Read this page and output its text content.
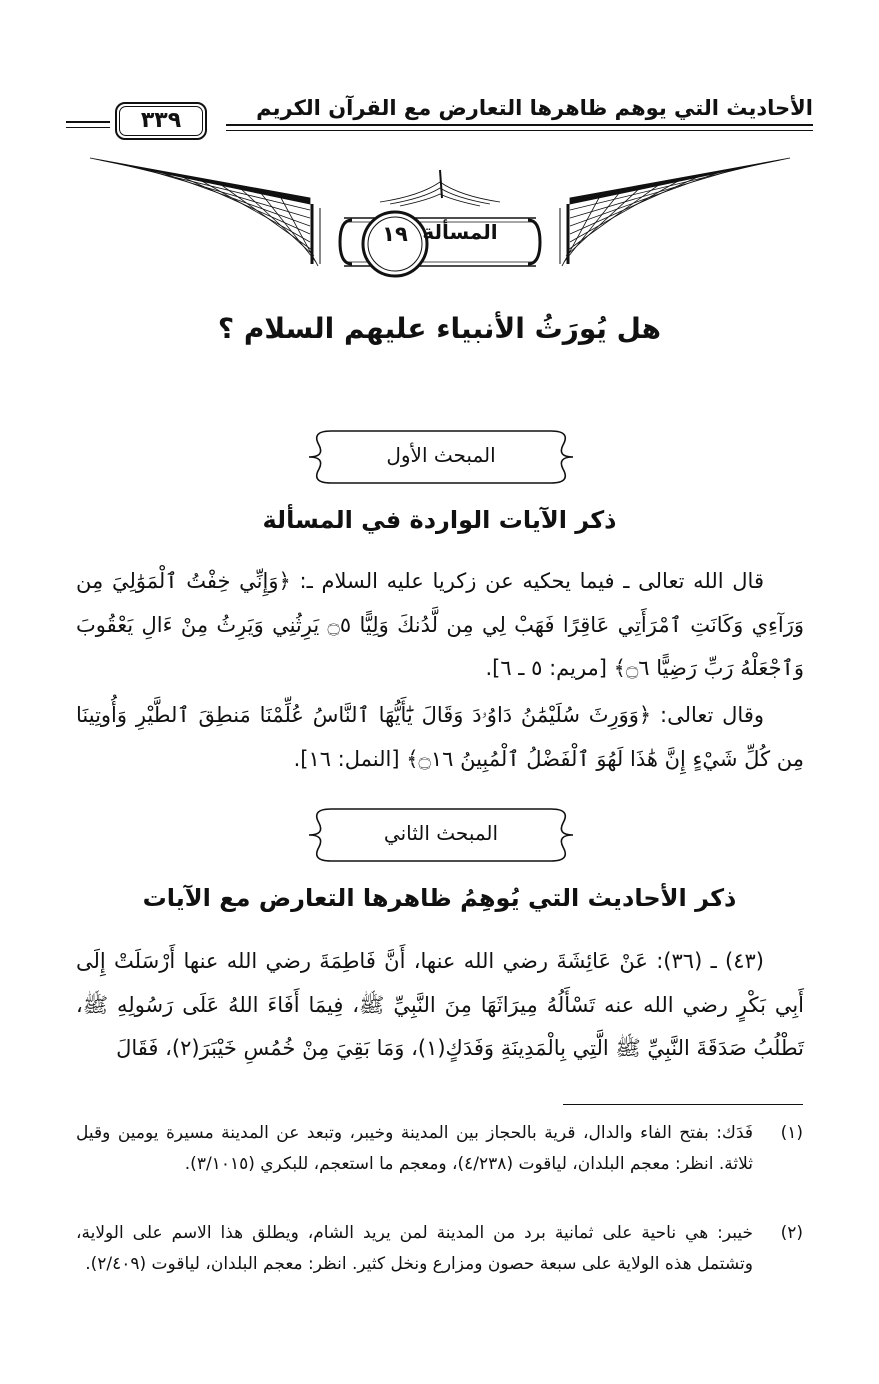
الأحاديث التي يوهم ظاهرها التعارض مع القرآن الكريم
٣٣٩
المسألة
١٩
هل يُورَثُ الأنبياء عليهم السلام ؟
المبحث الأول
ذكر الآيات الواردة في المسألة
قال الله تعالى ـ فيما يحكيه عن زكريا عليه السلام ـ: ﴿وَإِنِّي خِفْتُ ٱلْمَوَٰلِيَ مِن وَرَآءِي وَكَانَتِ ٱمْرَأَتِي عَاقِرًا فَهَبْ لِي مِن لَّدُنكَ وَلِيًّا ۝٥ يَرِثُنِي وَيَرِثُ مِنْ ءَالِ يَعْقُوبَ وَٱجْعَلْهُ رَبِّ رَضِيًّا ۝٦﴾ [مريم: ٥ ـ ٦].
وقال تعالى: ﴿وَوَرِثَ سُلَيْمَٰنُ دَاوُۥدَ وَقَالَ يَٰٓأَيُّهَا ٱلنَّاسُ عُلِّمْنَا مَنطِقَ ٱلطَّيْرِ وَأُوتِينَا مِن كُلِّ شَيْءٍ إِنَّ هَٰذَا لَهُوَ ٱلْفَضْلُ ٱلْمُبِينُ ۝١٦﴾ [النمل: ١٦].
المبحث الثاني
ذكر الأحاديث التي يُوهِمُ ظاهرها التعارض مع الآيات
(٤٣) ـ (٣٦): عَنْ عَائِشَةَ رضي الله عنها، أَنَّ فَاطِمَةَ رضي الله عنها أَرْسَلَتْ إِلَى أَبِي بَكْرٍ رضي الله عنه تَسْأَلُهُ مِيرَاثَهَا مِنَ النَّبِيِّ ﷺ، فِيمَا أَفَاءَ اللهُ عَلَى رَسُولِهِ ﷺ، تَطْلُبُ صَدَقَةَ النَّبِيِّ ﷺ الَّتِي بِالْمَدِينَةِ وَفَدَكٍ(١)، وَمَا بَقِيَ مِنْ خُمُسِ خَيْبَرَ(٢)، فَقَالَ
(١)
فَدَك: بفتح الفاء والدال، قرية بالحجاز بين المدينة وخيبر، وتبعد عن المدينة مسيرة يومين وقيل ثلاثة. انظر: معجم البلدان، لياقوت (٤/٢٣٨)، ومعجم ما استعجم، للبكري (٣/١٠١٥).
(٢)
خيبر: هي ناحية على ثمانية برد من المدينة لمن يريد الشام، ويطلق هذا الاسم على الولاية، وتشتمل هذه الولاية على سبعة حصون ومزارع ونخل كثير. انظر: معجم البلدان، لياقوت (٢/٤٠٩).
